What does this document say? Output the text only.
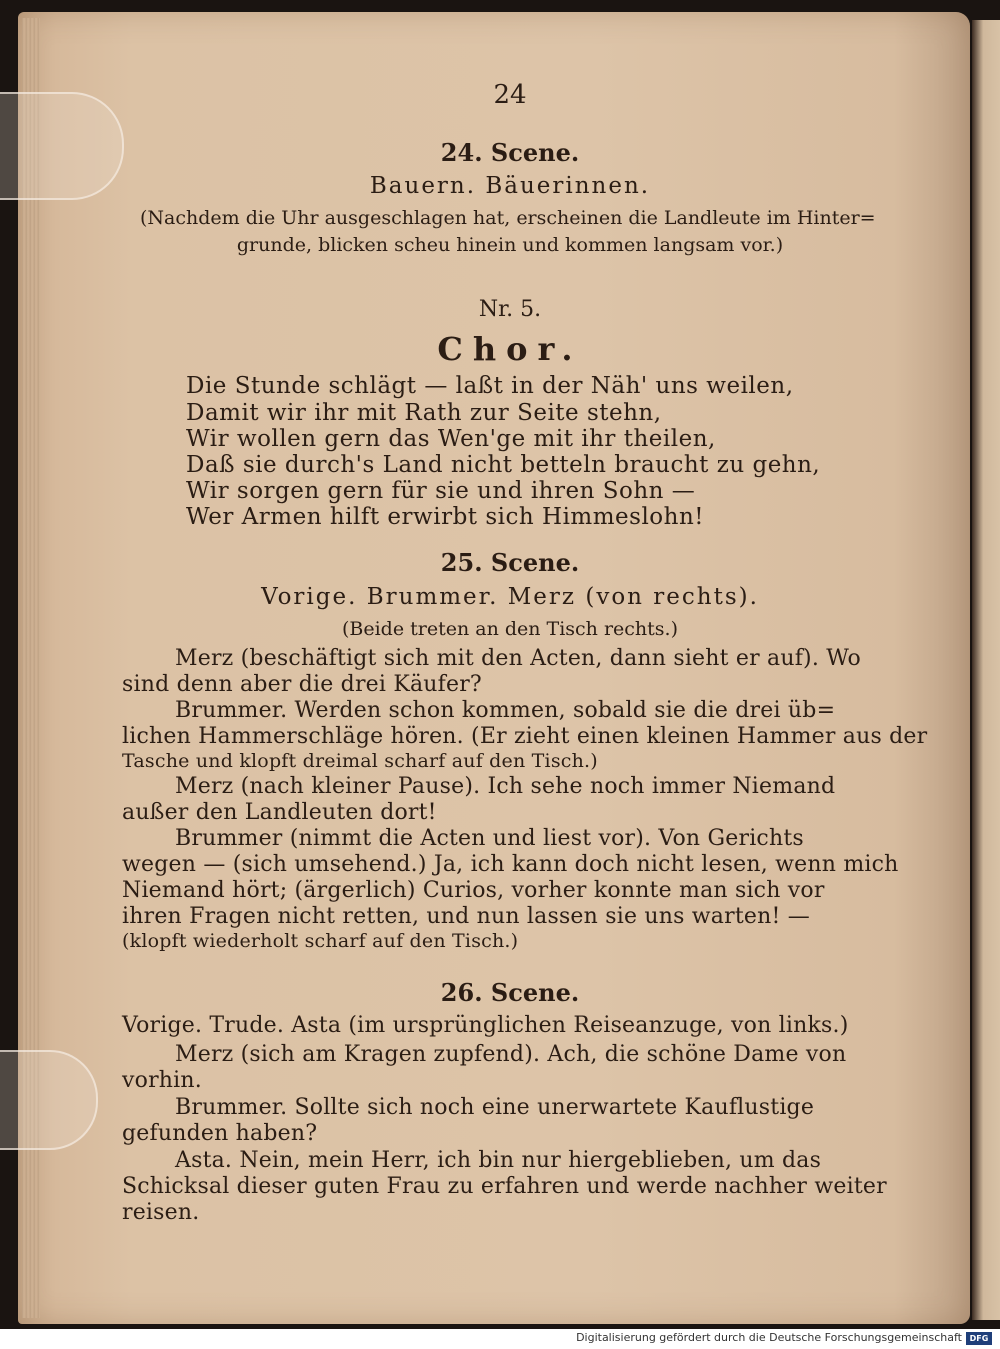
24
24. Scene.
Bauern. Bäuerinnen.
(Nachdem die Uhr ausgeschlagen hat, erscheinen die Landleute im Hinter=
grunde, blicken scheu hinein und kommen langsam vor.)
Nr. 5.
Chor.
Die Stunde schlägt — laßt in der Näh' uns weilen,
Damit wir ihr mit Rath zur Seite stehn,
Wir wollen gern das Wen'ge mit ihr theilen,
Daß sie durch's Land nicht betteln braucht zu gehn,
Wir sorgen gern für sie und ihren Sohn —
Wer Armen hilft erwirbt sich Himmeslohn!
25. Scene.
Vorige. Brummer. Merz (von rechts).
(Beide treten an den Tisch rechts.)
Merz (beschäftigt sich mit den Acten, dann sieht er auf). Wo
sind denn aber die drei Käufer?
Brummer. Werden schon kommen, sobald sie die drei üb=
lichen Hammerschläge hören. (Er zieht einen kleinen Hammer aus der
Tasche und klopft dreimal scharf auf den Tisch.)
Merz (nach kleiner Pause). Ich sehe noch immer Niemand
außer den Landleuten dort!
Brummer (nimmt die Acten und liest vor). Von Gerichts
wegen — (sich umsehend.) Ja, ich kann doch nicht lesen, wenn mich
Niemand hört; (ärgerlich) Curios, vorher konnte man sich vor
ihren Fragen nicht retten, und nun lassen sie uns warten! —
(klopft wiederholt scharf auf den Tisch.)
26. Scene.
Vorige. Trude. Asta (im ursprünglichen Reiseanzuge, von links.)
Merz (sich am Kragen zupfend). Ach, die schöne Dame von
vorhin.
Brummer. Sollte sich noch eine unerwartete Kauflustige
gefunden haben?
Asta. Nein, mein Herr, ich bin nur hiergeblieben, um das
Schicksal dieser guten Frau zu erfahren und werde nachher weiter
reisen.
Digitalisierung gefördert durch die Deutsche Forschungsgemeinschaft DFG
